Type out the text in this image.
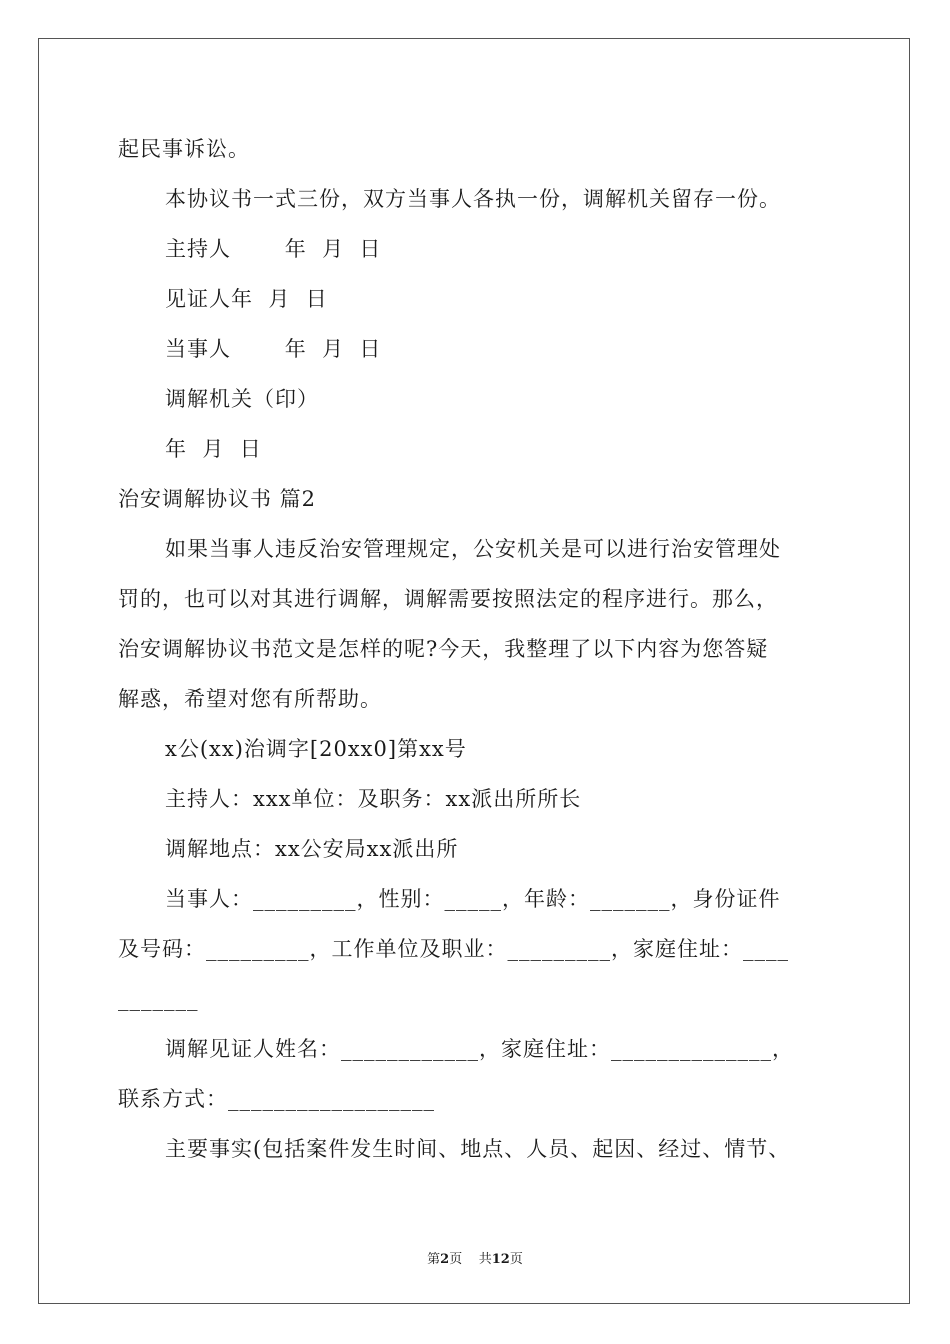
起民事诉讼。
本协议书一式三份，双方当事人各执一份，调解机关留存一份。
主持人       年  月  日
见证人年  月  日
当事人       年  月  日
调解机关（印）
年  月  日
治安调解协议书 篇2
如果当事人违反治安管理规定，公安机关是可以进行治安管理处
罚的，也可以对其进行调解，调解需要按照法定的程序进行。那么，
治安调解协议书范文是怎样的呢?今天，我整理了以下内容为您答疑
解惑，希望对您有所帮助。
x公(xx)治调字[20xx0]第xx号
主持人：xxx单位：及职务：xx派出所所长
调解地点：xx公安局xx派出所
当事人：_________，性别：_____，年龄：_______，身份证件
及号码：_________，工作单位及职业：_________，家庭住址：____
_______
调解见证人姓名：____________，家庭住址：______________，
联系方式：__________________
主要事实(包括案件发生时间、地点、人员、起因、经过、情节、
第2页    共12页
